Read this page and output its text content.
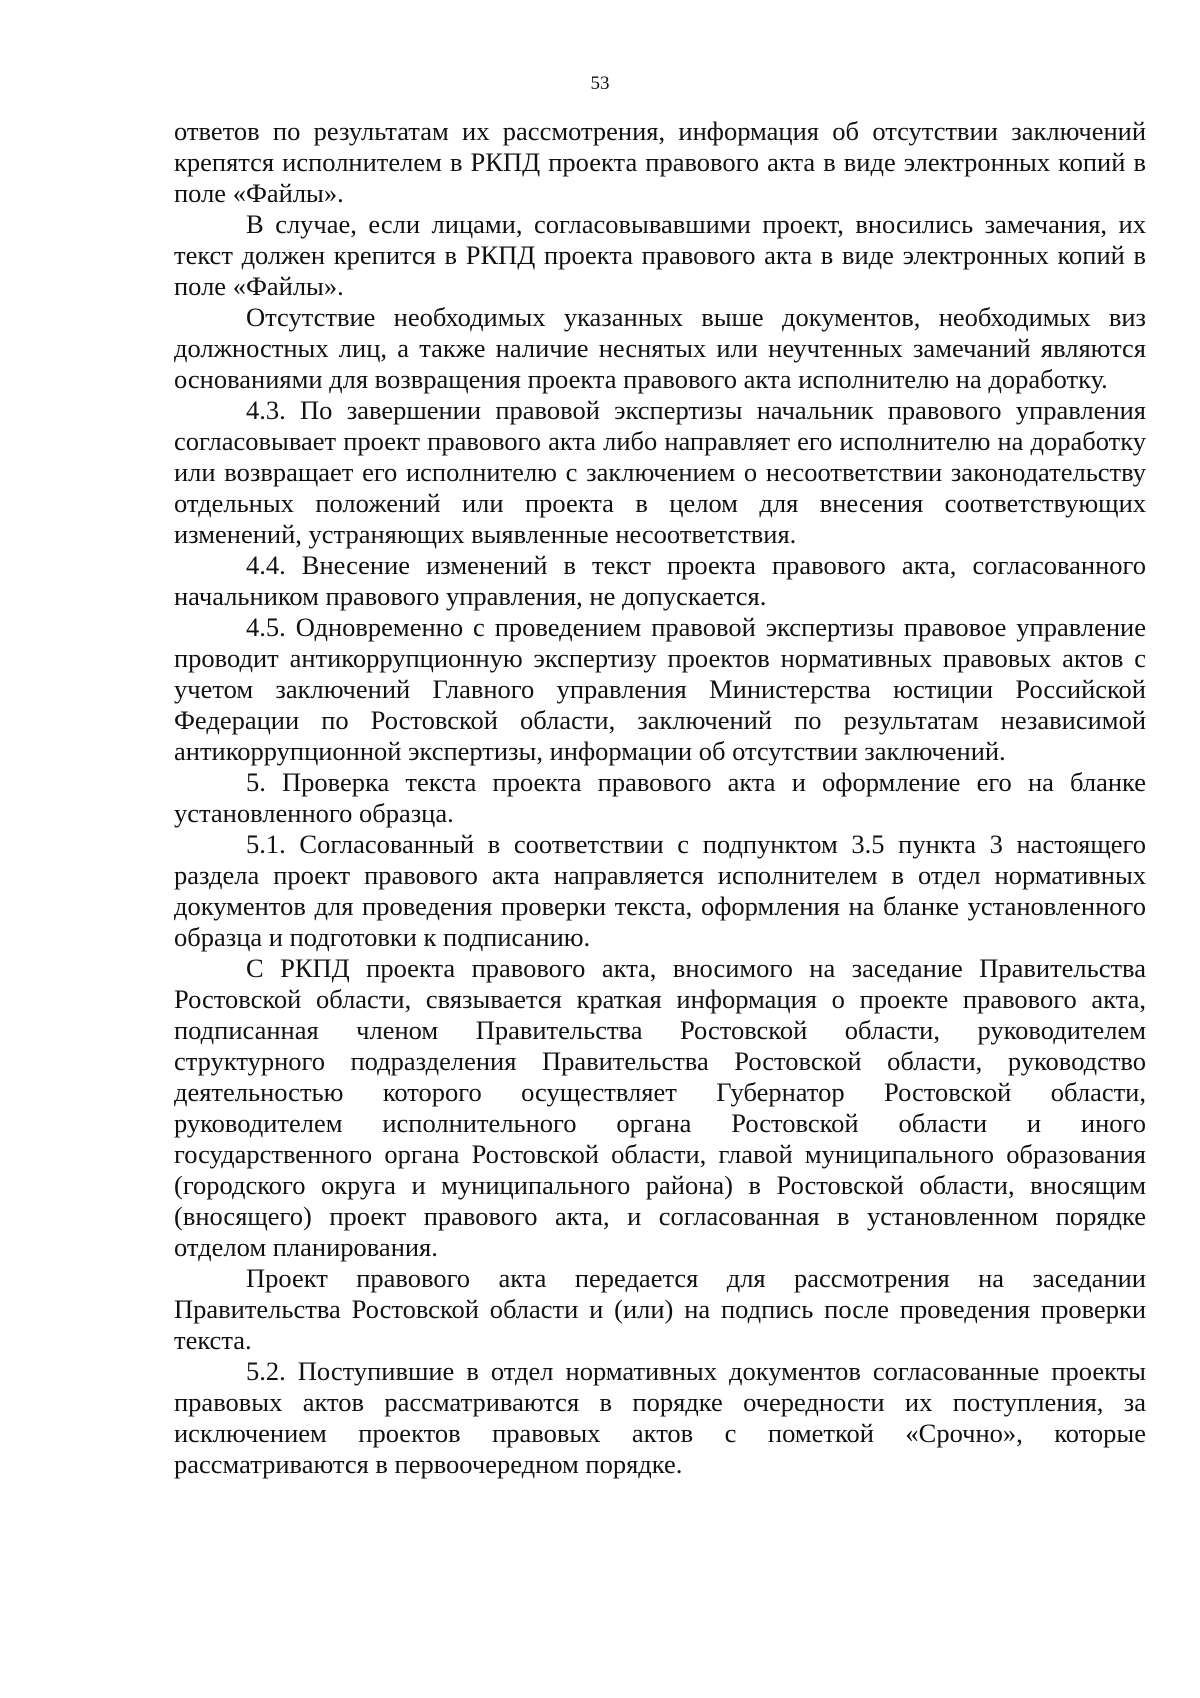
53

ответов по результатам их рассмотрения, информация об отсутствии заключений крепятся исполнителем в РКПД проекта правового акта в виде электронных копий в поле «Файлы».

В случае, если лицами, согласовывавшими проект, вносились замечания, их текст должен крепится в РКПД проекта правового акта в виде электронных копий в поле «Файлы».

Отсутствие необходимых указанных выше документов, необходимых виз должностных лиц, а также наличие неснятых или неучтенных замечаний являются основаниями для возвращения проекта правового акта исполнителю на доработку.

4.3. По завершении правовой экспертизы начальник правового управления согласовывает проект правового акта либо направляет его исполнителю на доработку или возвращает его исполнителю с заключением о несоответствии законодательству отдельных положений или проекта в целом для внесения соответствующих изменений, устраняющих выявленные несоответствия.

4.4. Внесение изменений в текст проекта правового акта, согласованного начальником правового управления, не допускается.

4.5. Одновременно с проведением правовой экспертизы правовое управление проводит антикоррупционную экспертизу проектов нормативных правовых актов с учетом заключений Главного управления Министерства юстиции Российской Федерации по Ростовской области, заключений по результатам независимой антикоррупционной экспертизы, информации об отсутствии заключений.

5. Проверка текста проекта правового акта и оформление его на бланке установленного образца.

5.1. Согласованный в соответствии с подпунктом 3.5 пункта 3 настоящего раздела проект правового акта направляется исполнителем в отдел нормативных документов для проведения проверки текста, оформления на бланке установленного образца и подготовки к подписанию.

С РКПД проекта правового акта, вносимого на заседание Правительства Ростовской области, связывается краткая информация о проекте правового акта, подписанная членом Правительства Ростовской области, руководителем структурного подразделения Правительства Ростовской области, руководство деятельностью которого осуществляет Губернатор Ростовской области, руководителем исполнительного органа Ростовской области и иного государственного органа Ростовской области, главой муниципального образования (городского округа и муниципального района) в Ростовской области, вносящим (вносящего) проект правового акта, и согласованная в установленном порядке отделом планирования.

Проект правового акта передается для рассмотрения на заседании Правительства Ростовской области и (или) на подпись после проведения проверки текста.

5.2. Поступившие в отдел нормативных документов согласованные проекты правовых актов рассматриваются в порядке очередности их поступления, за исключением проектов правовых актов с пометкой «Срочно», которые рассматриваются в первоочередном порядке.
